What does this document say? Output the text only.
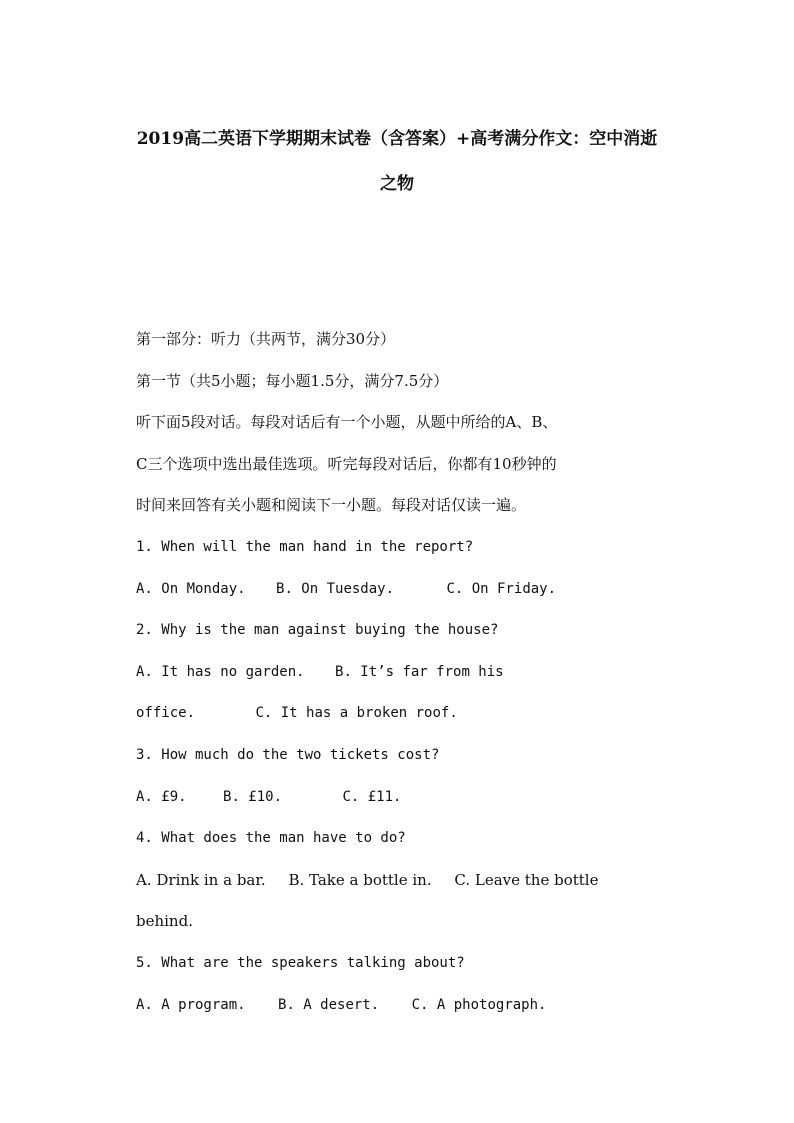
2019高二英语下学期期末试卷（含答案）+高考满分作文：空中消逝
之物
第一部分：听力（共两节，满分30分）
第一节（共5小题；每小题1.5分，满分7.5分）
听下面5段对话。每段对话后有一个小题，从题中所给的A、B、
C三个选项中选出最佳选项。听完每段对话后，你都有10秒钟的
时间来回答有关小题和阅读下一小题。每段对话仅读一遍。
1. When will the man hand in the report?
A. On Monday. B. On Tuesday.	C. On Friday.
2. Why is the man against buying the house?
A. It has no garden. B. It’s far from his
office.	C. It has a broken roof.
3. How much do the two tickets cost?
A. £9.	B. £10.	C. £11.
4. What does the man have to do?
A. Drink in a bar. B. Take a bottle in. C. Leave the bottle
behind.
5. What are the speakers talking about?
A. A program. B. A desert. C. A photograph.
